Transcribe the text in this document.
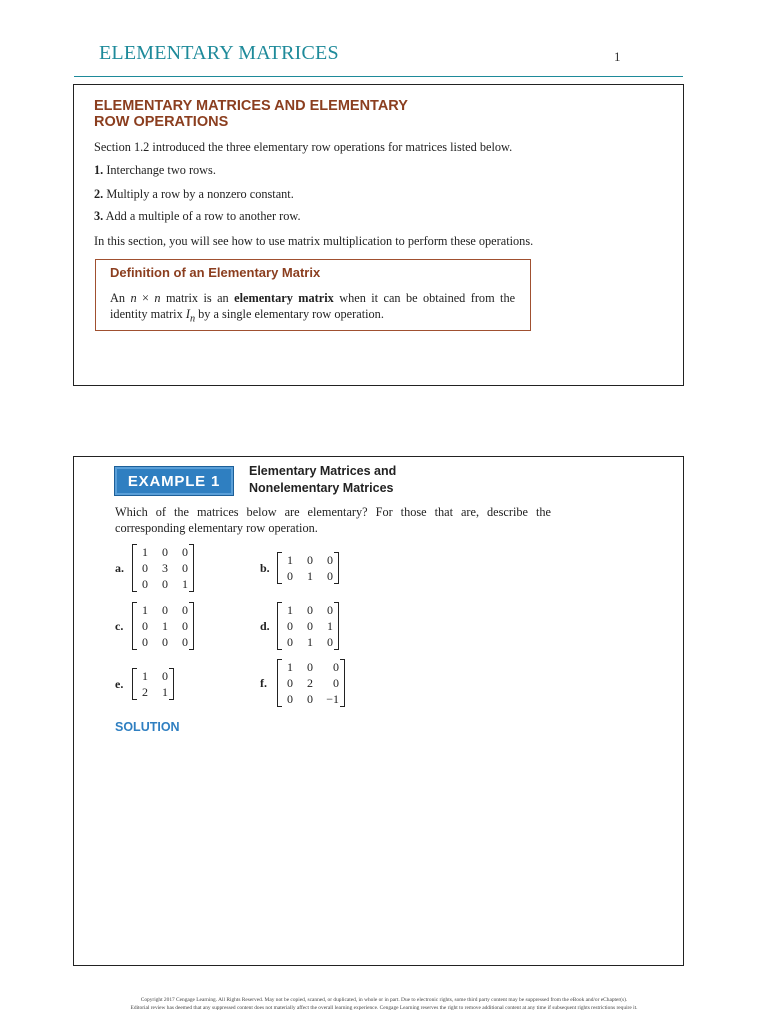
ELEMENTARY MATRICES	1
ELEMENTARY MATRICES AND ELEMENTARY
ROW OPERATIONS
Section 1.2 introduced the three elementary row operations for matrices listed below.
1. Interchange two rows.
2. Multiply a row by a nonzero constant.
3. Add a multiple of a row to another row.
In this section, you will see how to use matrix multiplication to perform these operations.
Definition of an Elementary Matrix
An n × n matrix is an elementary matrix when it can be obtained from the identity matrix $I_n$ by a single elementary row operation.
EXAMPLE 1
Elementary Matrices and
Nonelementary Matrices
Which of the matrices below are elementary? For those that are, describe the corresponding elementary row operation.
a.
1	0	0
0	3	0
0	0	1
b.
1	0	0
0	1	0
c.
1	0	0
0	1	0
0	0	0
d.
1	0	0
0	0	1
0	1	0
e.
1	0
2	1
f.
1	0	0
0	2	0
0	0	−1
SOLUTION
Copyright 2017 Cengage Learning. All Rights Reserved. May not be copied, scanned, or duplicated, in whole or in part. Due to electronic rights, some third party content may be suppressed from the eBook and/or eChapter(s).
Editorial review has deemed that any suppressed content does not materially affect the overall learning experience. Cengage Learning reserves the right to remove additional content at any time if subsequent rights restrictions require it.
